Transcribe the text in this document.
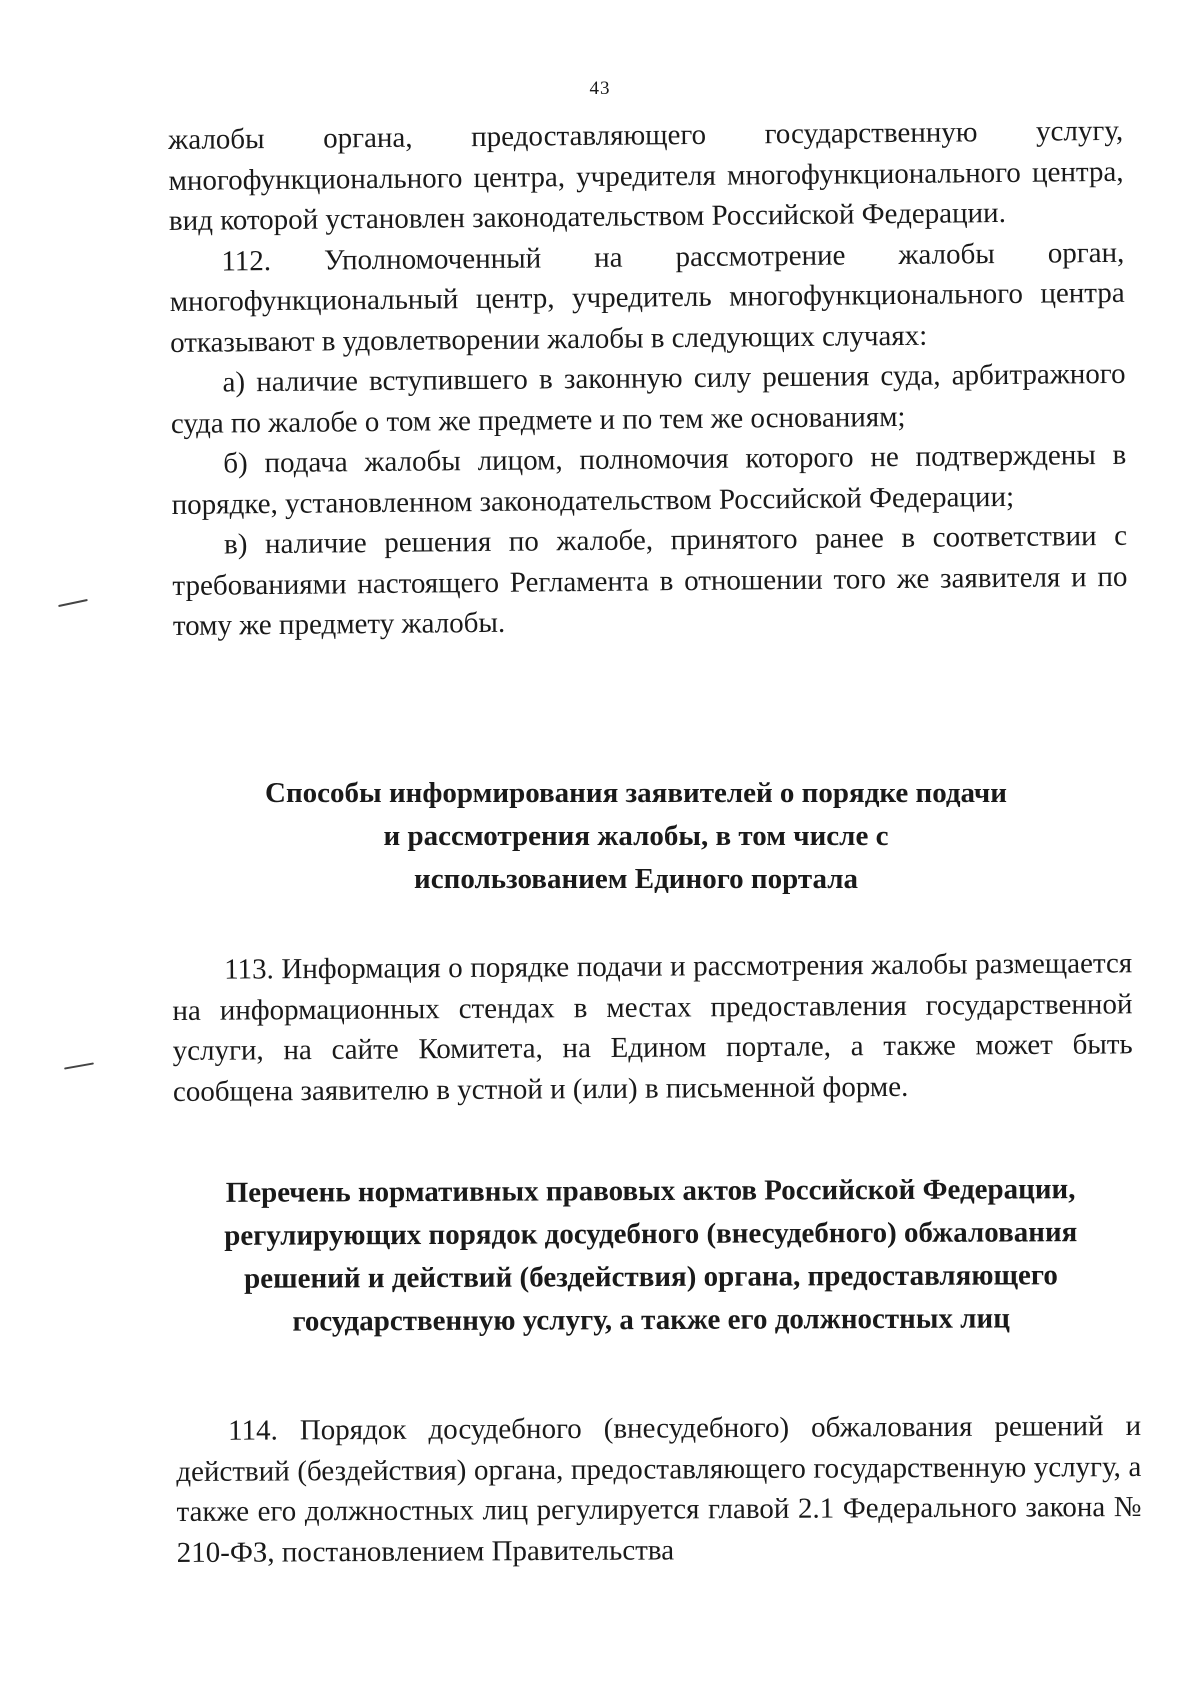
43

жалобы органа, предоставляющего государственную услугу, многофункционального центра, учредителя многофункционального центра, вид которой установлен законодательством Российской Федерации.

112. Уполномоченный на рассмотрение жалобы орган, многофункциональный центр, учредитель многофункционального центра отказывают в удовлетворении жалобы в следующих случаях:

а) наличие вступившего в законную силу решения суда, арбитражного суда по жалобе о том же предмете и по тем же основаниям;

б) подача жалобы лицом, полномочия которого не подтверждены в порядке, установленном законодательством Российской Федерации;

в) наличие решения по жалобе, принятого ранее в соответствии с требованиями настоящего Регламента в отношении того же заявителя и по тому же предмету жалобы.

Способы информирования заявителей о порядке подачи
и рассмотрения жалобы, в том числе с
использованием Единого портала

113. Информация о порядке подачи и рассмотрения жалобы размещается на информационных стендах в местах предоставления государственной услуги, на сайте Комитета, на Едином портале, а также может быть сообщена заявителю в устной и (или) в письменной форме.

Перечень нормативных правовых актов Российской Федерации,
регулирующих порядок досудебного (внесудебного) обжалования
решений и действий (бездействия) органа, предоставляющего
государственную услугу, а также его должностных лиц

114. Порядок досудебного (внесудебного) обжалования решений и действий (бездействия) органа, предоставляющего государственную услугу, а также его должностных лиц регулируется главой 2.1 Федерального закона № 210-ФЗ, постановлением Правительства
